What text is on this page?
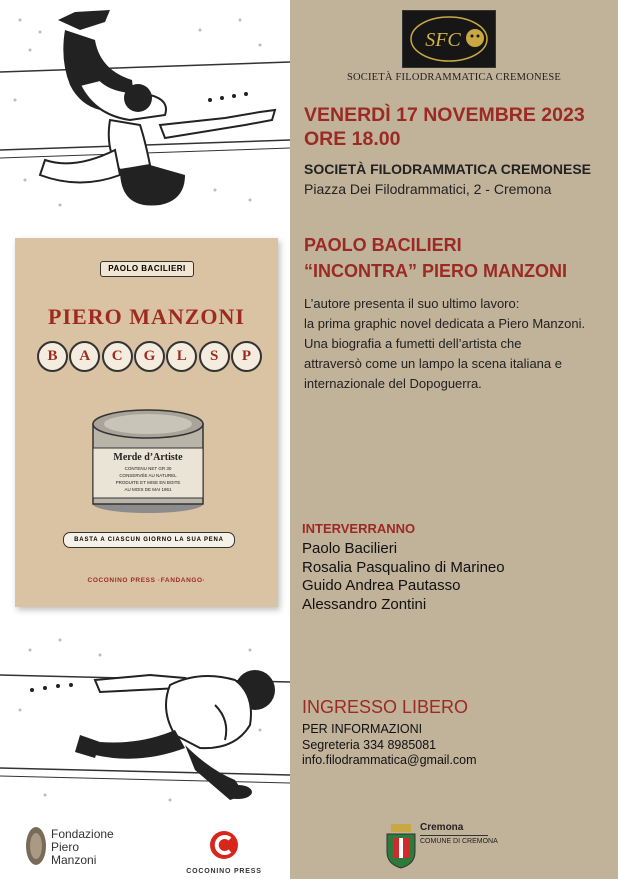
PAOLO BACILIERI
PIERO MANZONI
B	A	C	G	L	S	P
Merde d’Artiste
CONTENU NET GR 30
CONSERVÉE AU NATUREL
PRODUITE ET MISE EN BOITE
AU MOIS DE MAI 1961
BASTA A CIASCUN GIORNO LA SUA PENA
COCONINO PRESS ·FANDANGO·
Fondazione
Piero
Manzoni
COCONINO PRESS
SFC
SOCIETÀ FILODRAMMATICA CREMONESE
VENERDÌ 17 NOVEMBRE 2023
ORE 18.00
SOCIETÀ FILODRAMMATICA CREMONESE
Piazza Dei Filodrammatici, 2 - Cremona
PAOLO BACILIERI
“INCONTRA” PIERO MANZONI
L’autore presenta il suo ultimo lavoro:
la prima graphic novel dedicata a Piero Manzoni.
Una biografia a fumetti dell’artista che
attraversò come un lampo la scena italiana e
internazionale del Dopoguerra.
INTERVERRANNO
Paolo Bacilieri
Rosalia Pasqualino di Marineo
Guido Andrea Pautasso
Alessandro Zontini
INGRESSO LIBERO
PER INFORMAZIONI
Segreteria 334 8985081
info.filodrammatica@gmail.com
Cremona
COMUNE DI CREMONA
